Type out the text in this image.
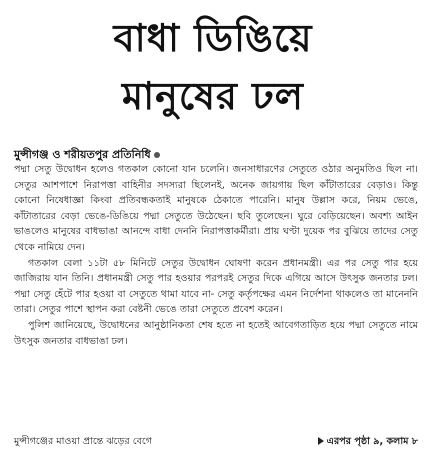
বাধা ডিঙিয়ে
মানুষের ঢল
মুন্সীগঞ্জ ও শরীয়তপুর প্রতিনিধি

পদ্মা সেতু উদ্বোধন হলেও গতকাল কোনো যান চলেনি। জনসাধারণের সেতুতে ওঠার অনুমতিও ছিল না। সেতুর আশপাশে নিরাপত্তা বাহিনীর সদস্যরা ছিলেনই, অনেক জায়গায় ছিল কাঁটাতারের বেড়াও। কিন্তু কোনো নিষেধাজ্ঞা কিংবা প্রতিবন্ধকতাই মানুষকে ঠেকাতে পারেনি। মানুষ উল্লাস করে, নিয়ম ভেঙে, কাঁটাতারের বেড়া ভেঙে-ডিঙিয়ে পদ্মা সেতুতে উঠেছেন। ছবি তুলেছেন। ঘুরে বেড়িয়েছেন। অবশ্য আইন ভাঙলেও মানুষের বাধভাঙা আনন্দে বাধা দেননি নিরাপত্তাকর্মীরা। প্রায় ঘণ্টা দুয়েক পর বুঝিয়ে তাদের সেতু থেকে নামিয়ে দেন।

গতকাল বেলা ১১টা ৫৮ মিনিটে সেতুর উদ্বোধন ঘোষণা করেন প্রধানমন্ত্রী। এর পর সেতু পার হয়ে জাজিরায় যান তিনি। প্রধানমন্ত্রী সেতু পার হওয়ার পরপরই সেতুর দিকে এগিয়ে আসে উৎসুক জনতার ঢল। পদ্মা সেতু হেঁটে পার হওয়া বা সেতুতে থামা যাবে না- সেতু কর্তৃপক্ষের এমন নির্দেশনা থাকলেও তা মানেননি তারা। সেতুর পাশে স্থাপন করা বেষ্টনী ভেঙে তারা সেতুতে প্রবেশ করেন।

পুলিশ জানিয়েছে, উদ্বোধনের আনুষ্ঠানিকতা শেষ হতে না হতেই আবেগতাড়িত হয়ে পদ্মা সেতুতে নামে উৎসুক জনতার বাধভাঙা ঢল।

মুন্সীগঞ্জের মাওয়া প্রান্তে ঝড়ের বেগে	এরপর পৃষ্ঠা ৯, কলাম ৮
